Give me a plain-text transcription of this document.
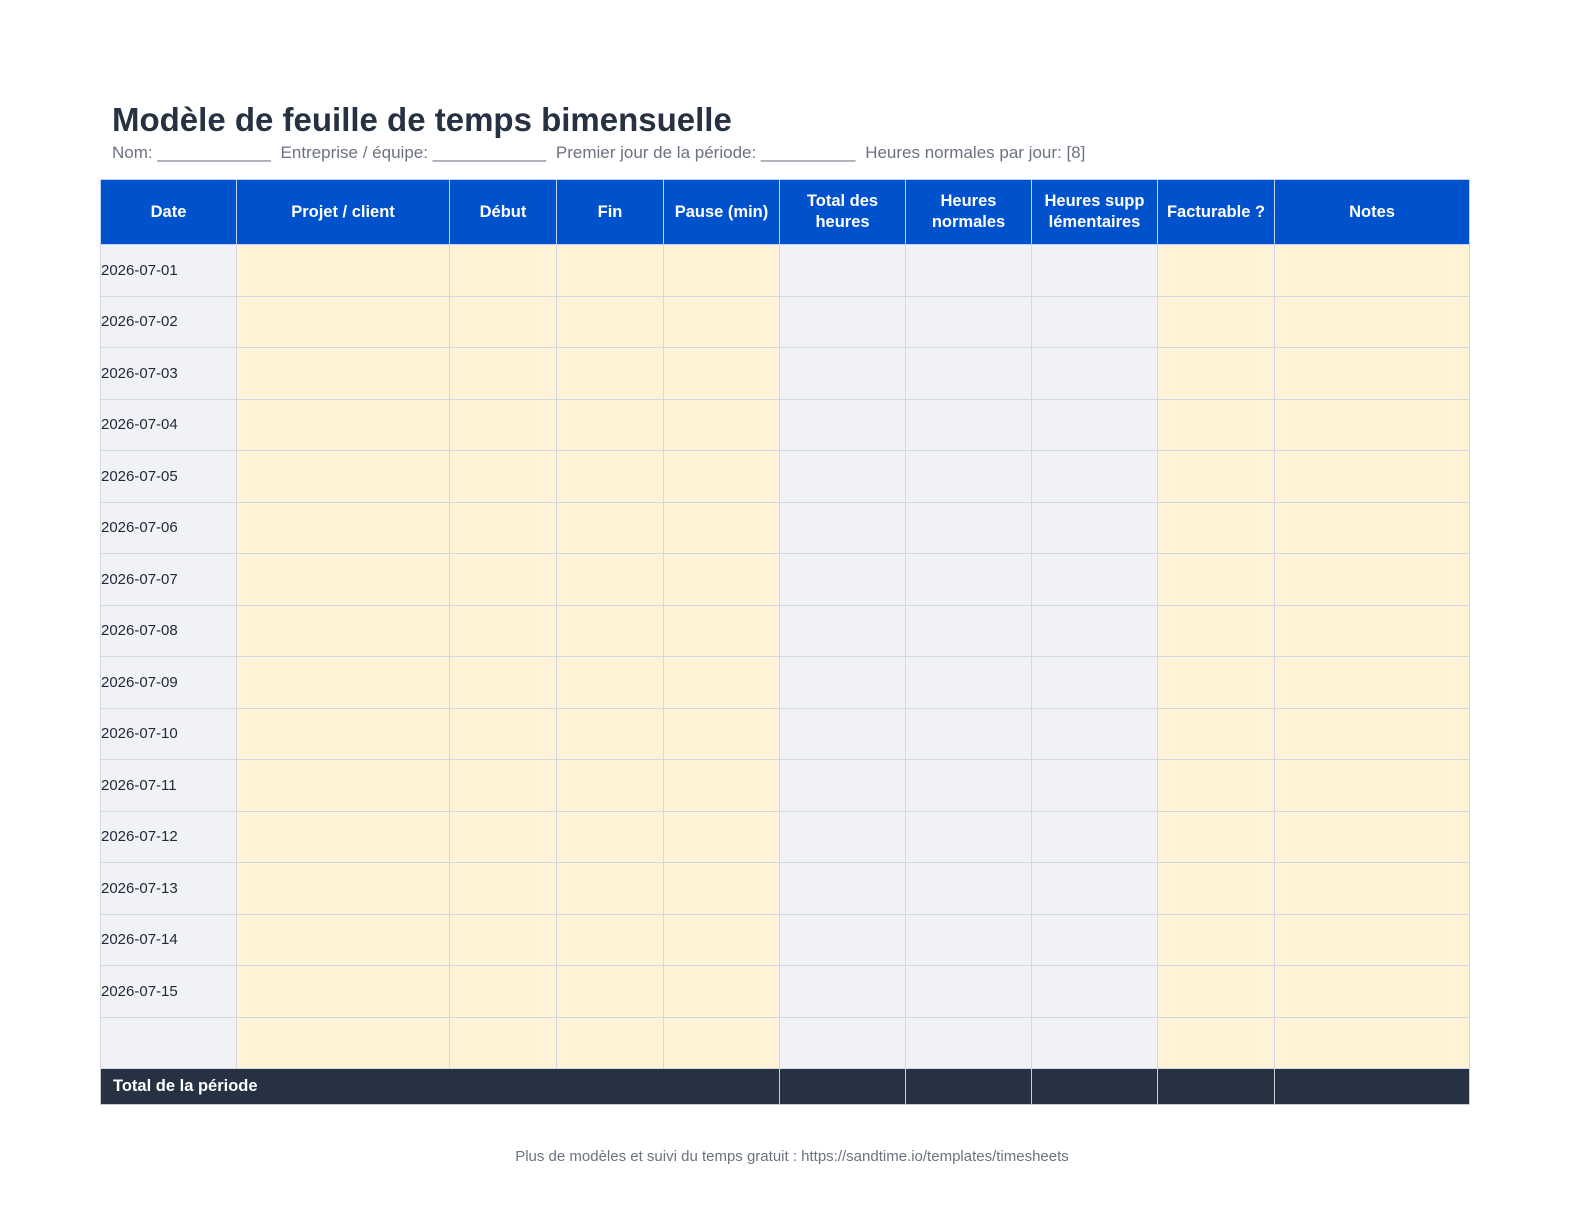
Modèle de feuille de temps bimensuelle
Nom: ____________ Entreprise / équipe: ____________ Premier jour de la période: __________ Heures normales par jour: [8]
Date	Projet / client	Début	Fin	Pause (min)	Total des heures	Heures normales	Heures supp lémentaires	Facturable ?	Notes
2026-07-01									
2026-07-02									
2026-07-03									
2026-07-04									
2026-07-05									
2026-07-06									
2026-07-07									
2026-07-08									
2026-07-09									
2026-07-10									
2026-07-11									
2026-07-12									
2026-07-13									
2026-07-14									
2026-07-15									

Total de la période									
Plus de modèles et suivi du temps gratuit : https://sandtime.io/templates/timesheets
